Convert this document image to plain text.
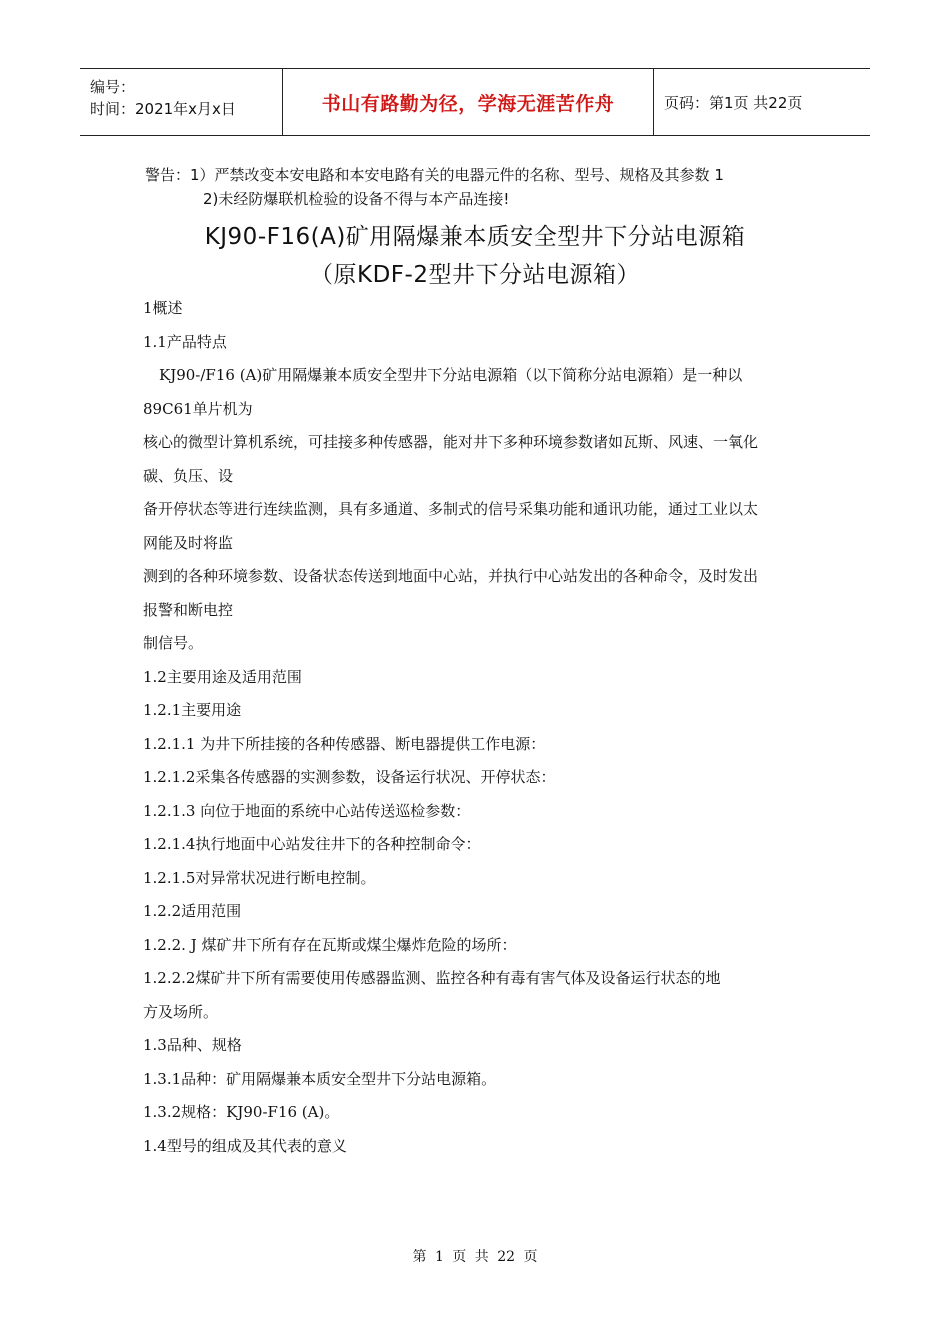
编号：
时间：2021年x月x日	书山有路勤为径，学海无涯苦作舟	页码：第1页 共22页
警告：1）严禁改变本安电路和本安电路有关的电器元件的名称、型号、规格及其参数 1
2)未经防爆联机检验的设备不得与本产品连接!
KJ90-F16(A)矿用隔爆兼本质安全型井下分站电源箱
（原KDF-2型井下分站电源箱）

1概述

1.1产品特点

KJ90-/F16 (A)矿用隔爆兼本质安全型井下分站电源箱（以下简称分站电源箱）是一种以

89C61单片机为

核心的微型计算机系统，可挂接多种传感器，能对井下多种环境参数诸如瓦斯、风速、一氧化

碳、负压、设

备开停状态等进行连续监测，具有多通道、多制式的信号采集功能和通讯功能，通过工业以太

网能及时将监

测到的各种环境参数、设备状态传送到地面中心站，并执行中心站发出的各种命令，及时发出

报警和断电控

制信号。

1.2主要用途及适用范围

1.2.1主要用途

1.2.1.1 为井下所挂接的各种传感器、断电器提供工作电源：

1.2.1.2采集各传感器的实测参数，设备运行状况、开停状态：

1.2.1.3 向位于地面的系统中心站传送巡检参数：

1.2.1.4执行地面中心站发往井下的各种控制命令：

1.2.1.5对异常状况进行断电控制。

1.2.2适用范围

1.2.2. J 煤矿井下所有存在瓦斯或煤尘爆炸危险的场所：

1.2.2.2煤矿井下所有需要使用传感器监测、监控各种有毒有害气体及设备运行状态的地

方及场所。

1.3品种、规格

1.3.1品种：矿用隔爆兼本质安全型井下分站电源箱。

1.3.2规格：KJ90-F16 (A)。

1.4型号的组成及其代表的意义

第 1 页 共 22 页
